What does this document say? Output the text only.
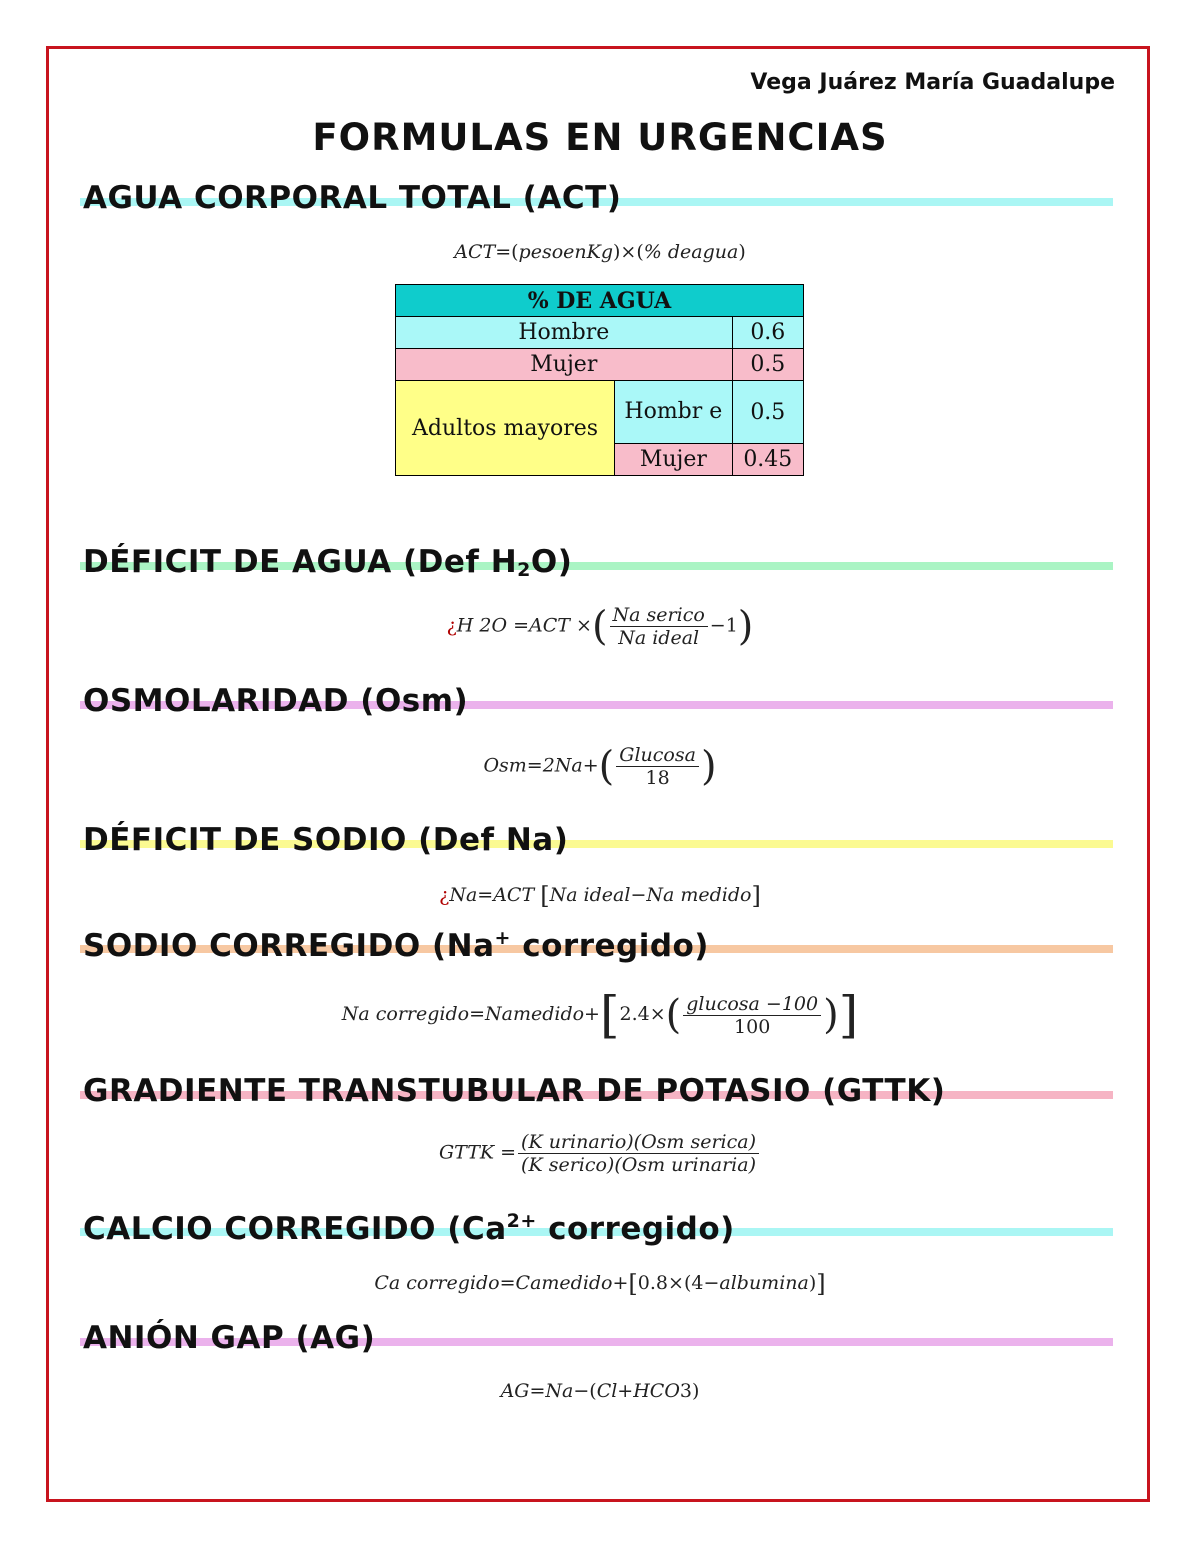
Vega Juárez María Guadalupe
FORMULAS EN URGENCIAS
AGUA CORPORAL TOTAL (ACT)
ACT=(pesoenKg)×(% deagua)
% DE AGUA		
Hombre		0.6
Mujer		0.5
Adultos mayores	Hombr e	0.5
	Mujer	0.45
DÉFICIT DE AGUA (Def $H_2O$)
¿H 2O =ACT ×( $\frac{\text{Na serico}}{\text{Na ideal}} -1$)
OSMOLARIDAD (Osm)
$Osm=2Na+( \frac{\text{Glucosa}}{18}$ )
DÉFICIT DE SODIO (Def Na)
¿Na=ACT [Na ideal−Na medido]
SODIO CORREGIDO (Na+ corregido)
Na corregido=Namedido+[2.4×( $\frac{\text{glucosa −100}}{100}$ )]
GRADIENTE TRANSTUBULAR DE POTASIO (GTTK)
GTTK = $\frac{\text{(K urinario)(Osm serica)}}{\text{(K serico)(Osm urinaria)}}$
CALCIO CORREGIDO ($Ca^{2+}$ corregido)
Ca corregido=Camedido+[0.8×(4−albumina)]
ANIÓN GAP (AG)
AG=Na−(Cl+HCO3)
